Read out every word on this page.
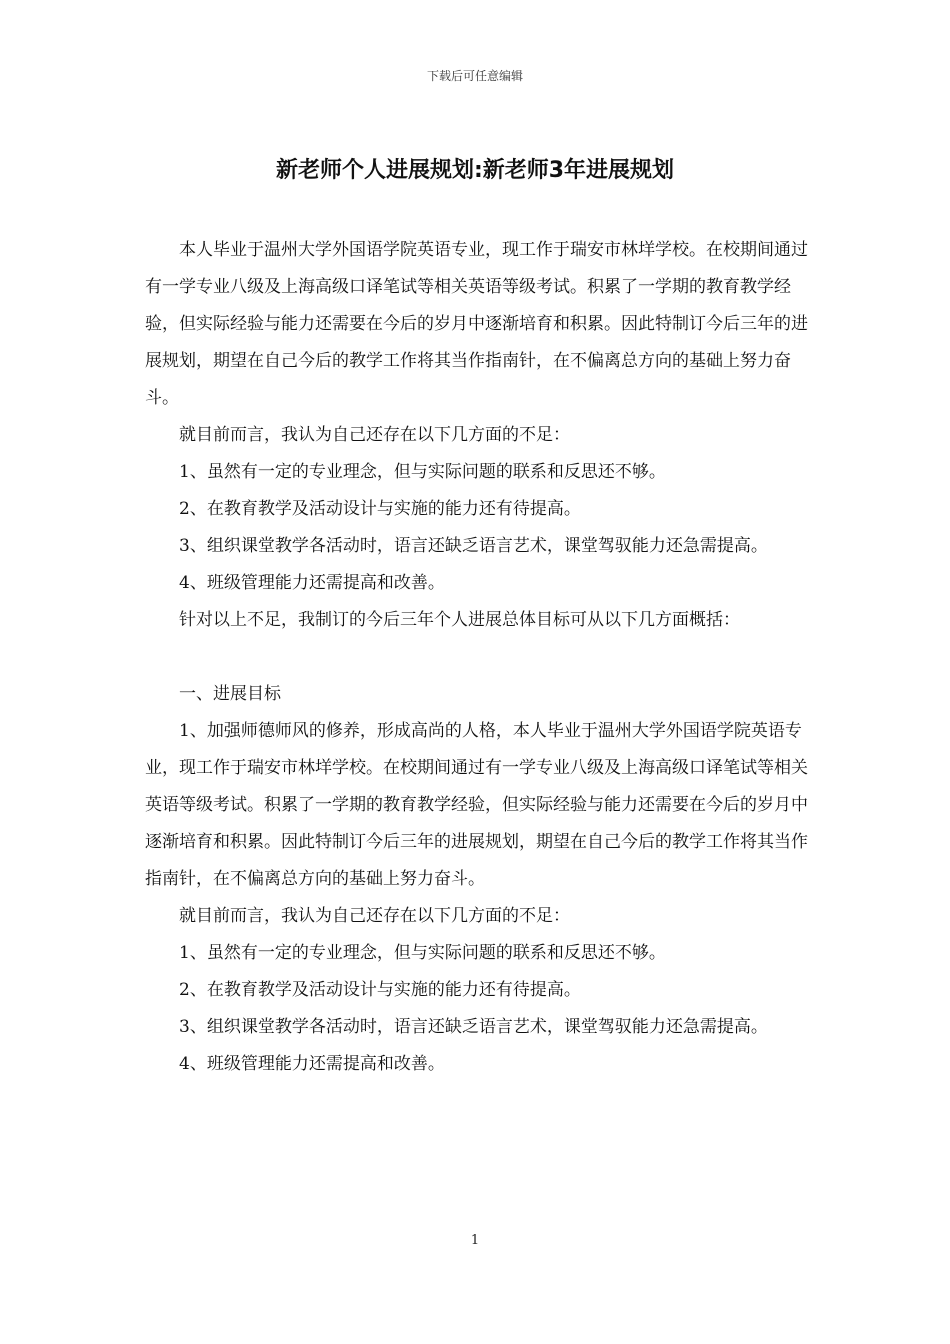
下载后可任意编辑
新老师个人进展规划:新老师3年进展规划

本人毕业于温州大学外国语学院英语专业，现工作于瑞安市林垟学校。在校期间通过有一学专业八级及上海高级口译笔试等相关英语等级考试。积累了一学期的教育教学经验，但实际经验与能力还需要在今后的岁月中逐渐培育和积累。因此特制订今后三年的进展规划，期望在自己今后的教学工作将其当作指南针，在不偏离总方向的基础上努力奋斗。

就目前而言，我认为自己还存在以下几方面的不足：

1、虽然有一定的专业理念，但与实际问题的联系和反思还不够。

2、在教育教学及活动设计与实施的能力还有待提高。

3、组织课堂教学各活动时，语言还缺乏语言艺术，课堂驾驭能力还急需提高。

4、班级管理能力还需提高和改善。

针对以上不足，我制订的今后三年个人进展总体目标可从以下几方面概括：

一、进展目标

1、加强师德师风的修养，形成高尚的人格，本人毕业于温州大学外国语学院英语专业，现工作于瑞安市林垟学校。在校期间通过有一学专业八级及上海高级口译笔试等相关英语等级考试。积累了一学期的教育教学经验，但实际经验与能力还需要在今后的岁月中逐渐培育和积累。因此特制订今后三年的进展规划，期望在自己今后的教学工作将其当作指南针，在不偏离总方向的基础上努力奋斗。

就目前而言，我认为自己还存在以下几方面的不足：

1、虽然有一定的专业理念，但与实际问题的联系和反思还不够。

2、在教育教学及活动设计与实施的能力还有待提高。

3、组织课堂教学各活动时，语言还缺乏语言艺术，课堂驾驭能力还急需提高。

4、班级管理能力还需提高和改善。

1
